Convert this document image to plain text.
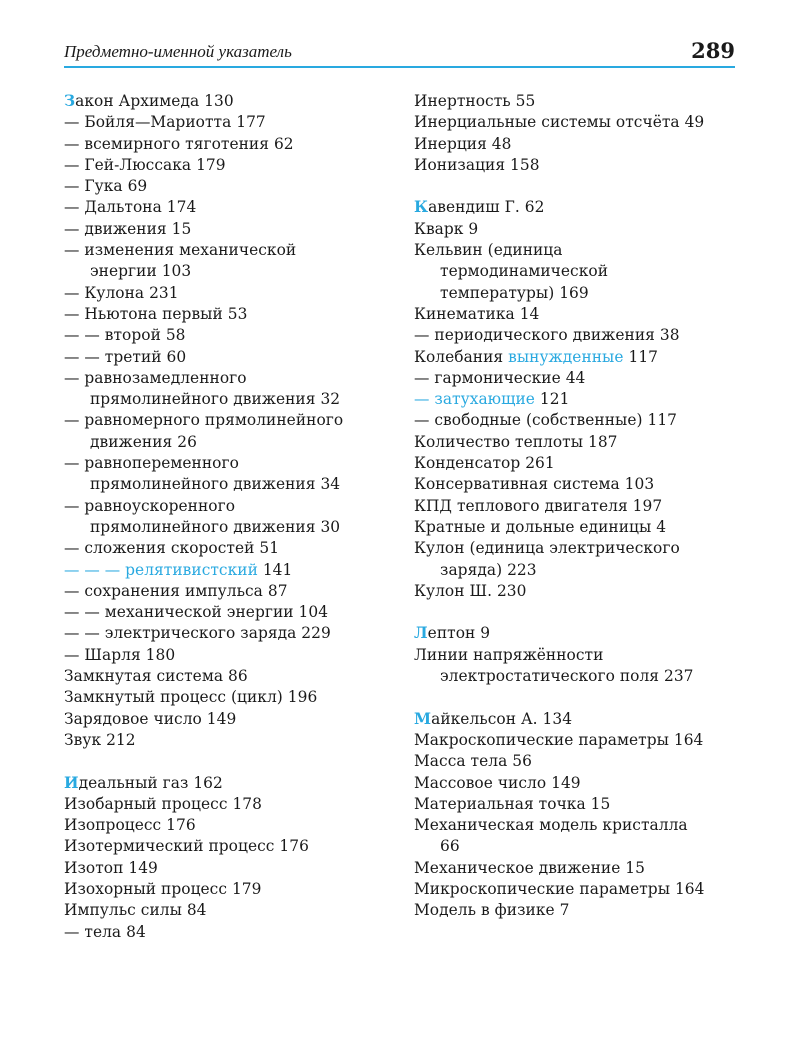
Предметно-именной указатель	289
Закон Архимеда 130
— Бойля—Мариотта 177
— всемирного тяготения 62
— Гей-Люссака 179
— Гука 69
— Дальтона 174
— движения 15
— изменения механической
энергии 103
— Кулона 231
— Ньютона первый 53
— — второй 58
— — третий 60
— равнозамедленного
прямолинейного движения 32
— равномерного прямолинейного
движения 26
— равнопеременного
прямолинейного движения 34
— равноускоренного
прямолинейного движения 30
— сложения скоростей 51
— — — релятивистский 141
— сохранения импульса 87
— — механической энергии 104
— — электрического заряда 229
— Шарля 180
Замкнутая система 86
Замкнутый процесс (цикл) 196
Зарядовое число 149
Звук 212
Идеальный газ 162
Изобарный процесс 178
Изопроцесс 176
Изотермический процесс 176
Изотоп 149
Изохорный процесс 179
Импульс силы 84
— тела 84
Инертность 55
Инерциальные системы отсчёта 49
Инерция 48
Ионизация 158
Кавендиш Г. 62
Кварк 9
Кельвин (единица
термодинамической
температуры) 169
Кинематика 14
— периодического движения 38
Колебания вынужденные 117
— гармонические 44
— затухающие 121
— свободные (собственные) 117
Количество теплоты 187
Конденсатор 261
Консервативная система 103
КПД теплового двигателя 197
Кратные и дольные единицы 4
Кулон (единица электрического
заряда) 223
Кулон Ш. 230
Лептон 9
Линии напряжённости
электростатического поля 237
Майкельсон А. 134
Макроскопические параметры 164
Масса тела 56
Массовое число 149
Материальная точка 15
Механическая модель кристалла
66
Механическое движение 15
Микроскопические параметры 164
Модель в физике 7
